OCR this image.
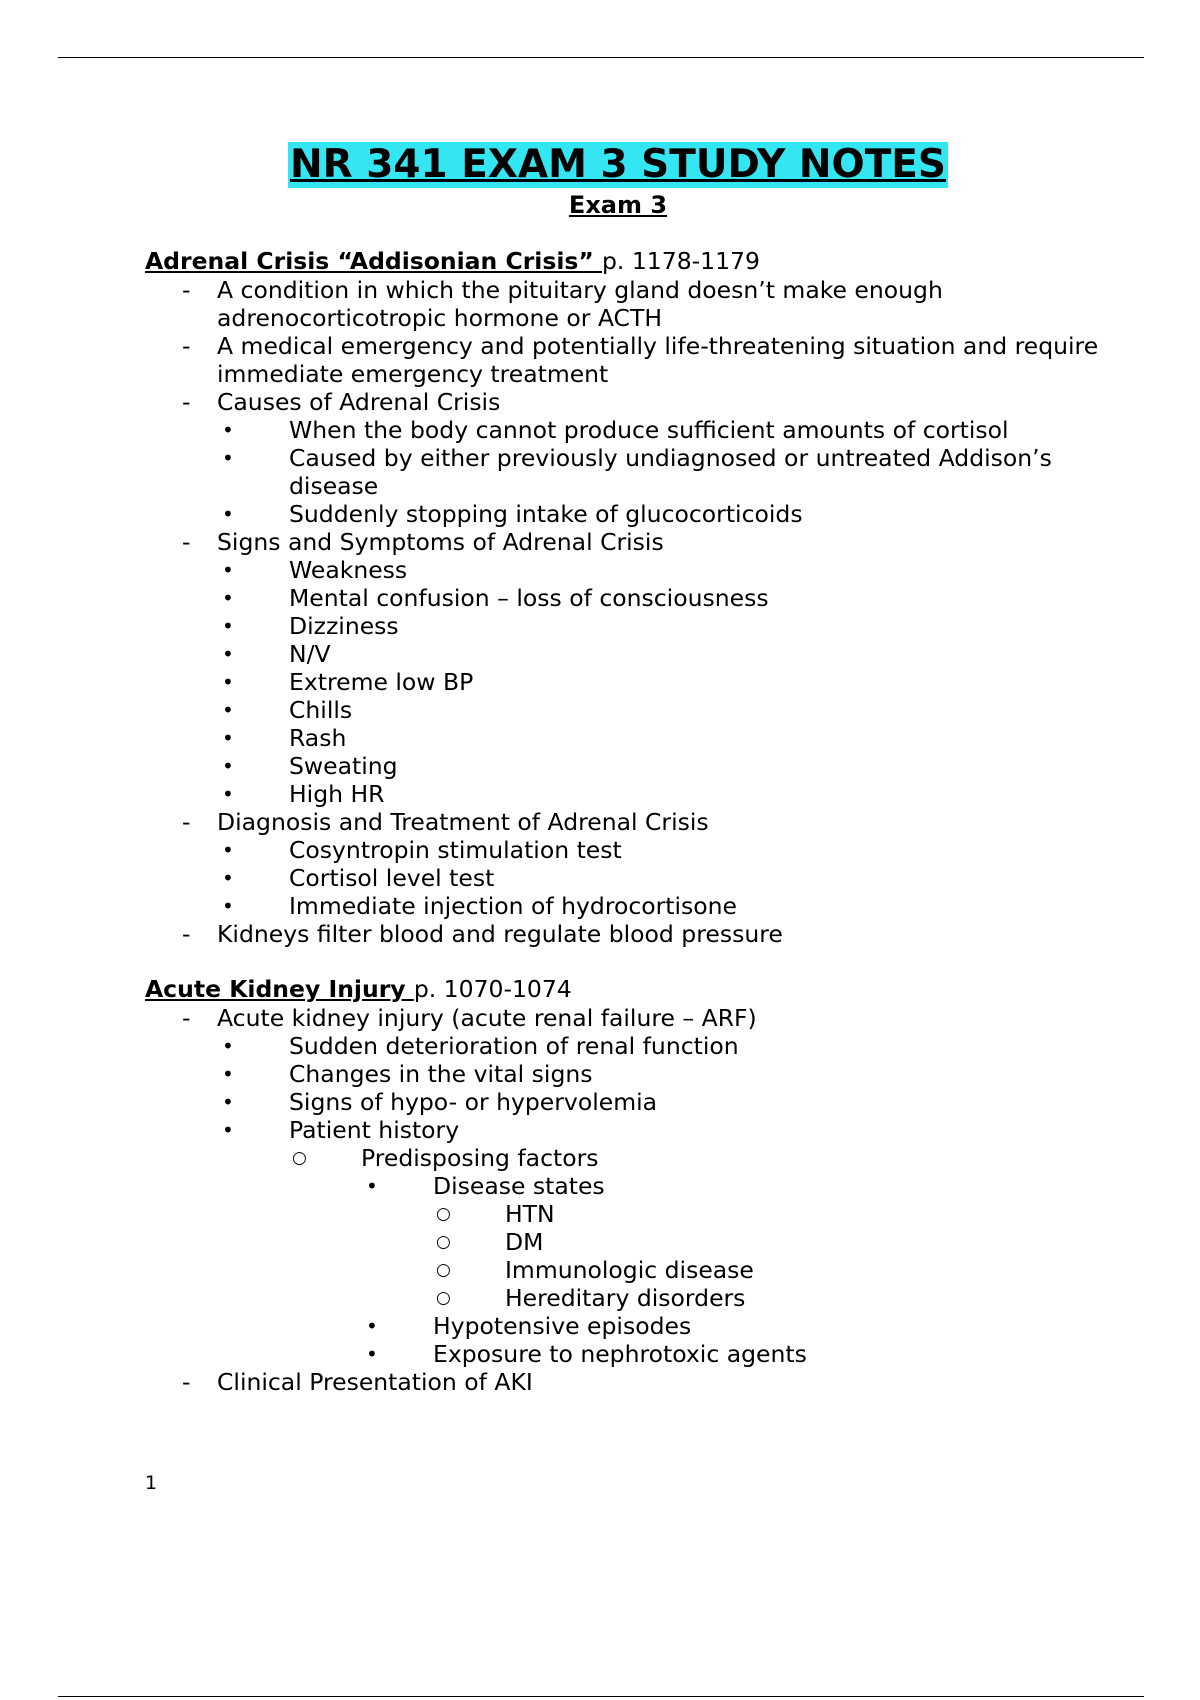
NR 341 EXAM 3 STUDY NOTES
Exam 3
Adrenal Crisis “Addisonian Crisis” p. 1178-1179
- A condition in which the pituitary gland doesn’t make enough adrenocorticotropic hormone or ACTH
- A medical emergency and potentially life-threatening situation and require immediate emergency treatment
- Causes of Adrenal Crisis
• When the body cannot produce sufficient amounts of cortisol
• Caused by either previously undiagnosed or untreated Addison’s disease
• Suddenly stopping intake of glucocorticoids
- Signs and Symptoms of Adrenal Crisis
• Weakness
• Mental confusion – loss of consciousness
• Dizziness
• N/V
• Extreme low BP
• Chills
• Rash
• Sweating
• High HR
- Diagnosis and Treatment of Adrenal Crisis
• Cosyntropin stimulation test
• Cortisol level test
• Immediate injection of hydrocortisone
- Kidneys filter blood and regulate blood pressure
Acute Kidney Injury p. 1070-1074
- Acute kidney injury (acute renal failure – ARF)
• Sudden deterioration of renal function
• Changes in the vital signs
• Signs of hypo- or hypervolemia
• Patient history
○ Predisposing factors
• Disease states
○ HTN
○ DM
○ Immunologic disease
○ Hereditary disorders
• Hypotensive episodes
• Exposure to nephrotoxic agents
- Clinical Presentation of AKI
1
